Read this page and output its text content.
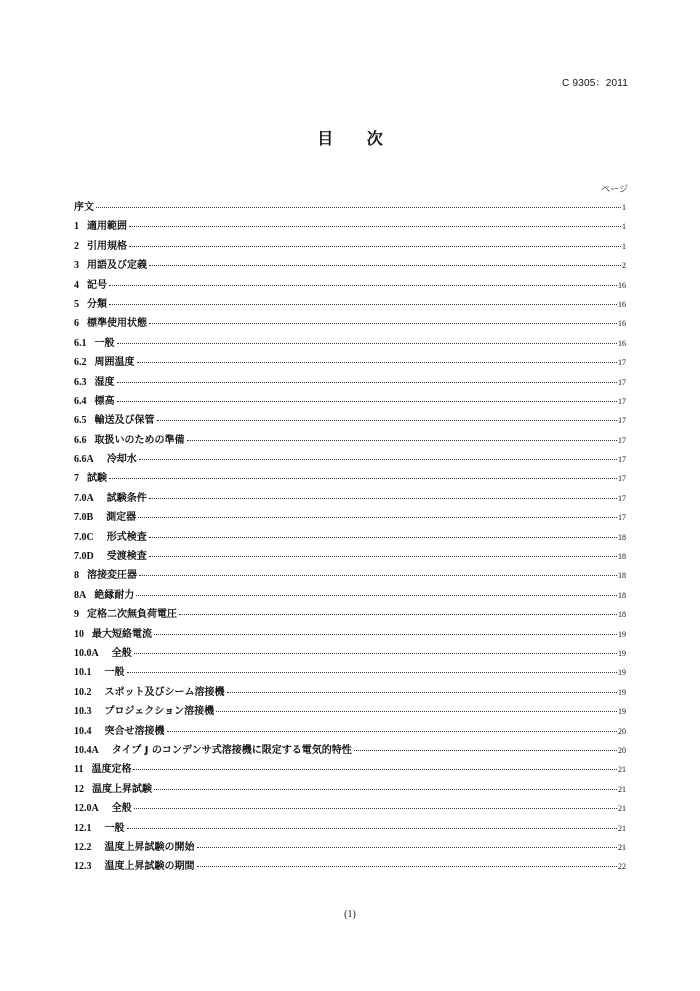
C 9305：2011
目 次
ページ
序文	1
1 適用範囲	1
2 引用規格	1
3 用語及び定義	2
4 記号	16
5 分類	16
6 標準使用状態	16
6.1 一般	16
6.2 周囲温度	17
6.3 湿度	17
6.4 標高	17
6.5 輸送及び保管	17
6.6 取扱いのための準備	17
6.6A 冷却水	17
7 試験	17
7.0A 試験条件	17
7.0B 測定器	17
7.0C 形式検査	18
7.0D 受渡検査	18
8 溶接変圧器	18
8A 絶縁耐力	18
9 定格二次無負荷電圧	18
10 最大短絡電流	19
10.0A 全般	19
10.1 一般	19
10.2 スポット及びシーム溶接機	19
10.3 プロジェクション溶接機	19
10.4 突合せ溶接機	20
10.4A タイプ J のコンデンサ式溶接機に限定する電気的特性	20
11 温度定格	21
12 温度上昇試験	21
12.0A 全般	21
12.1 一般	21
12.2 温度上昇試験の開始	21
12.3 温度上昇試験の期間	22
(1)
